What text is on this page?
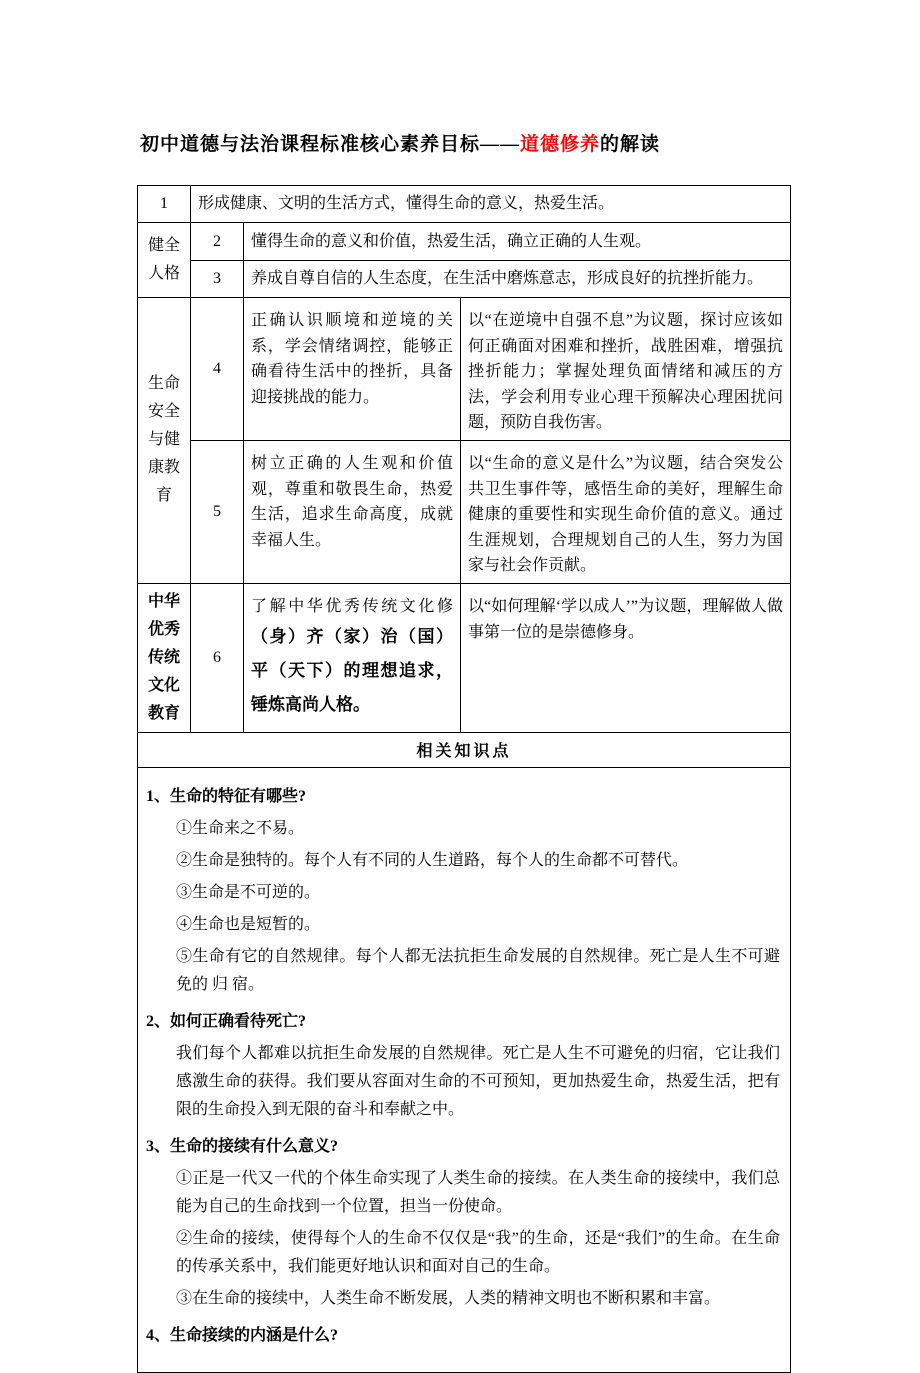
初中道德与法治课程标准核心素养目标——道德修养的解读
1	形成健康、文明的生活方式，懂得生命的意义，热爱生活。		
健全人格	2	懂得生命的意义和价值，热爱生活，确立正确的人生观。	
	3	养成自尊自信的人生态度，在生活中磨炼意志，形成良好的抗挫折能力。	
生命安全与健康教育	4	正确认识顺境和逆境的关系，学会情绪调控，能够正确看待生活中的挫折，具备迎接挑战的能力。	以“在逆境中自强不息”为议题，探讨应该如何正确面对困难和挫折，战胜困难，增强抗挫折能力；掌握处理负面情绪和减压的方法，学会利用专业心理干预解决心理困扰问题，预防自我伤害。
	5	树立正确的人生观和价值观，尊重和敬畏生命，热爱生活，追求生命高度，成就幸福人生。	以“生命的意义是什么”为议题，结合突发公共卫生事件等，感悟生命的美好，理解生命健康的重要性和实现生命价值的意义。通过生涯规划，合理规划自己的人生，努力为国家与社会作贡献。
中华优秀传统文化教育	6	了解中华优秀传统文化修（身）齐（家）治（国）平（天下）的理想追求，锤炼高尚人格。	以“如何理解‘学以成人’”为议题，理解做人做事第一位的是崇德修身。
相关知识点			

1、生命的特征有哪些?
①生命来之不易。
②生命是独特的。每个人有不同的人生道路，每个人的生命都不可替代。
③生命是不可逆的。
④生命也是短暂的。
⑤生命有它的自然规律。每个人都无法抗拒生命发展的自然规律。死亡是人生不可避免的 归 宿。
2、如何正确看待死亡?
我们每个人都难以抗拒生命发展的自然规律。死亡是人生不可避免的归宿，它让我们感激生命的获得。我们要从容面对生命的不可预知，更加热爱生命，热爱生活，把有限的生命投入到无限的奋斗和奉献之中。
3、生命的接续有什么意义?
①正是一代又一代的个体生命实现了人类生命的接续。在人类生命的接续中，我们总能为自己的生命找到一个位置，担当一份使命。
②生命的接续，使得每个人的生命不仅仅是“我”的生命，还是“我们”的生命。在生命的传承关系中，我们能更好地认识和面对自己的生命。
③在生命的接续中，人类生命不断发展，人类的精神文明也不断积累和丰富。
4、生命接续的内涵是什么?
